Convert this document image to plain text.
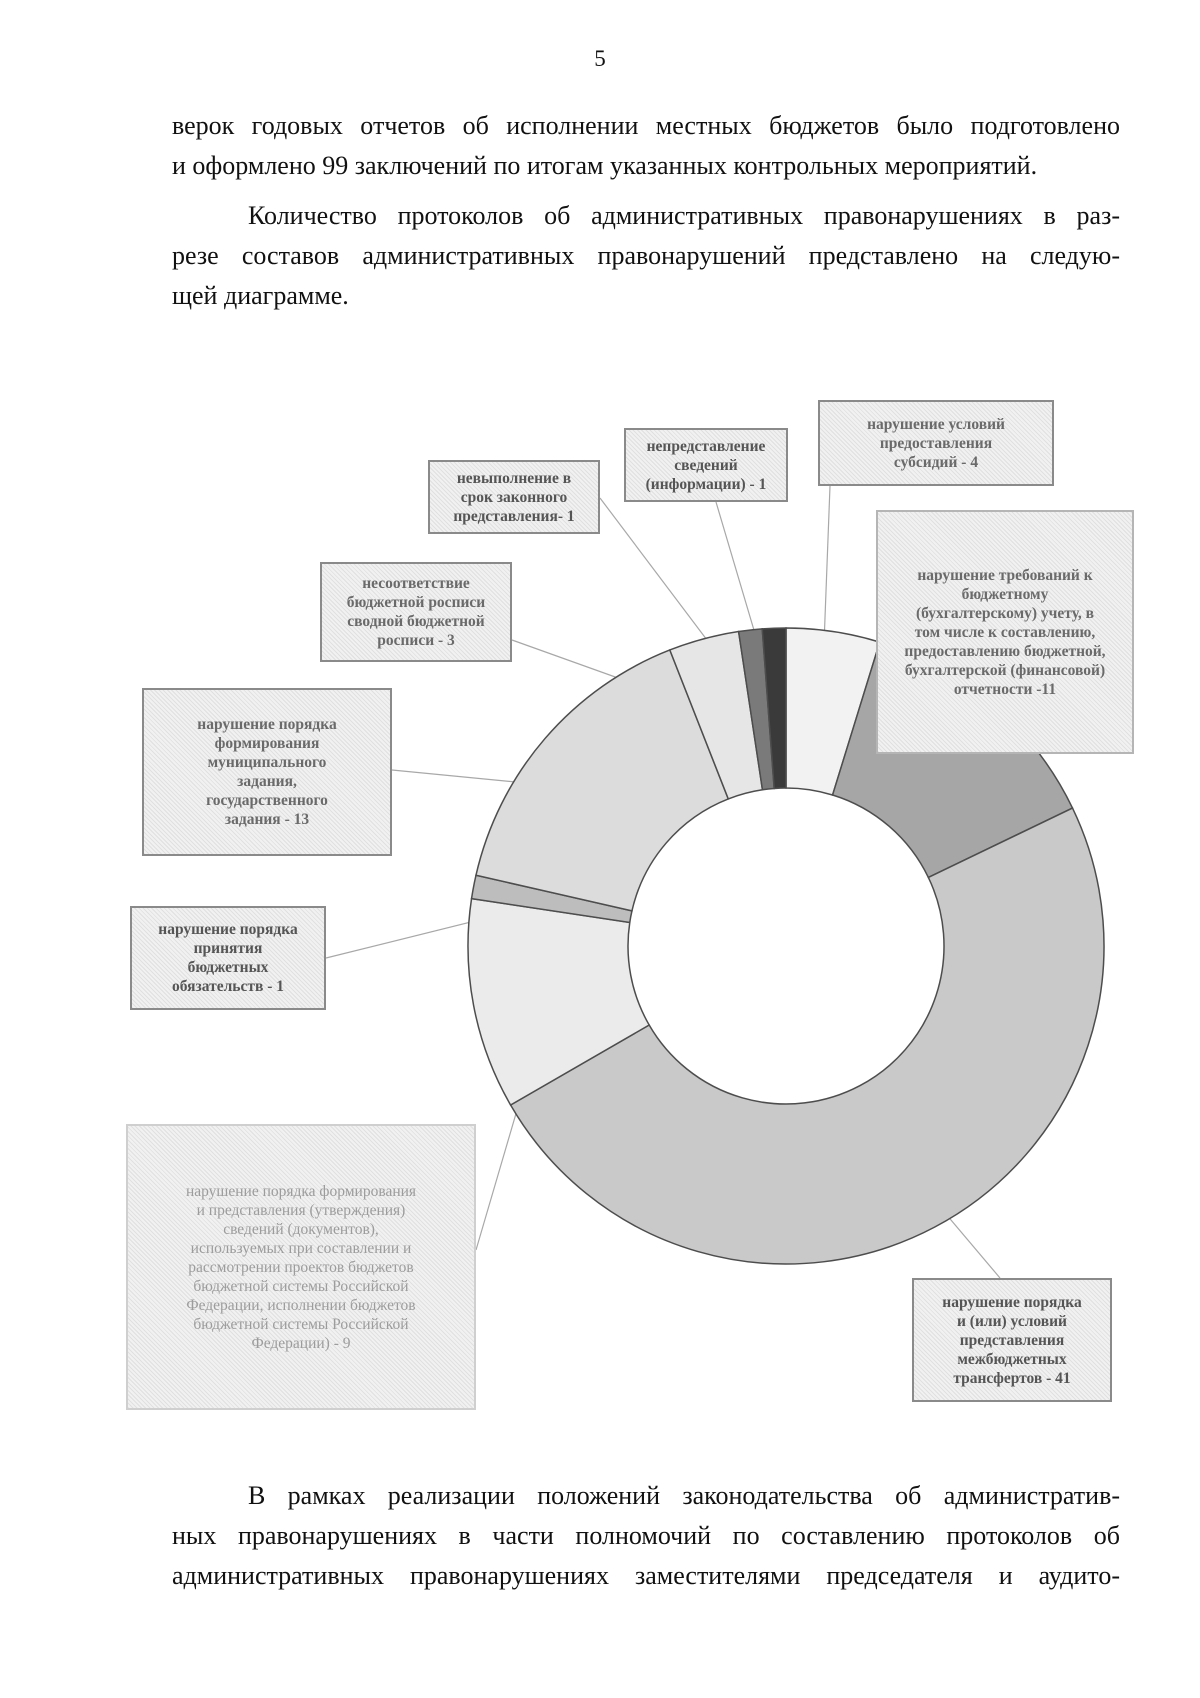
5

верок годовых отчетов об исполнении местных бюджетов было подготовлено
и оформлено 99 заключений по итогам указанных контрольных мероприятий.

Количество протоколов об административных правонарушениях в раз-
резе составов административных правонарушений представлено на следую-
щей диаграмме.

нарушение условий
предоставления
субсидий - 4
непредставление
сведений
(информации) - 1
невыполнение в
срок законного
представления- 1
нарушение требований к
бюджетному
(бухгалтерскому) учету, в
том числе к составлению,
предоставлению бюджетной,
бухгалтерской (финансовой)
отчетности -11
несоответствие
бюджетной росписи
сводной бюджетной
росписи - 3
нарушение порядка
формирования
муниципального
задания,
государственного
задания - 13
нарушение порядка
принятия
бюджетных
обязательств - 1
нарушение порядка формирования
и представления (утверждения)
сведений (документов),
используемых при составлении и
рассмотрении проектов бюджетов
бюджетной системы Российской
Федерации, исполнении бюджетов
бюджетной системы Российской
Федерации) - 9
нарушение порядка
и (или) условий
представления
межбюджетных
трансфертов - 41

В рамках реализации положений законодательства об административ-
ных правонарушениях в части полномочий по составлению протоколов об
административных правонарушениях заместителями председателя и аудито-
